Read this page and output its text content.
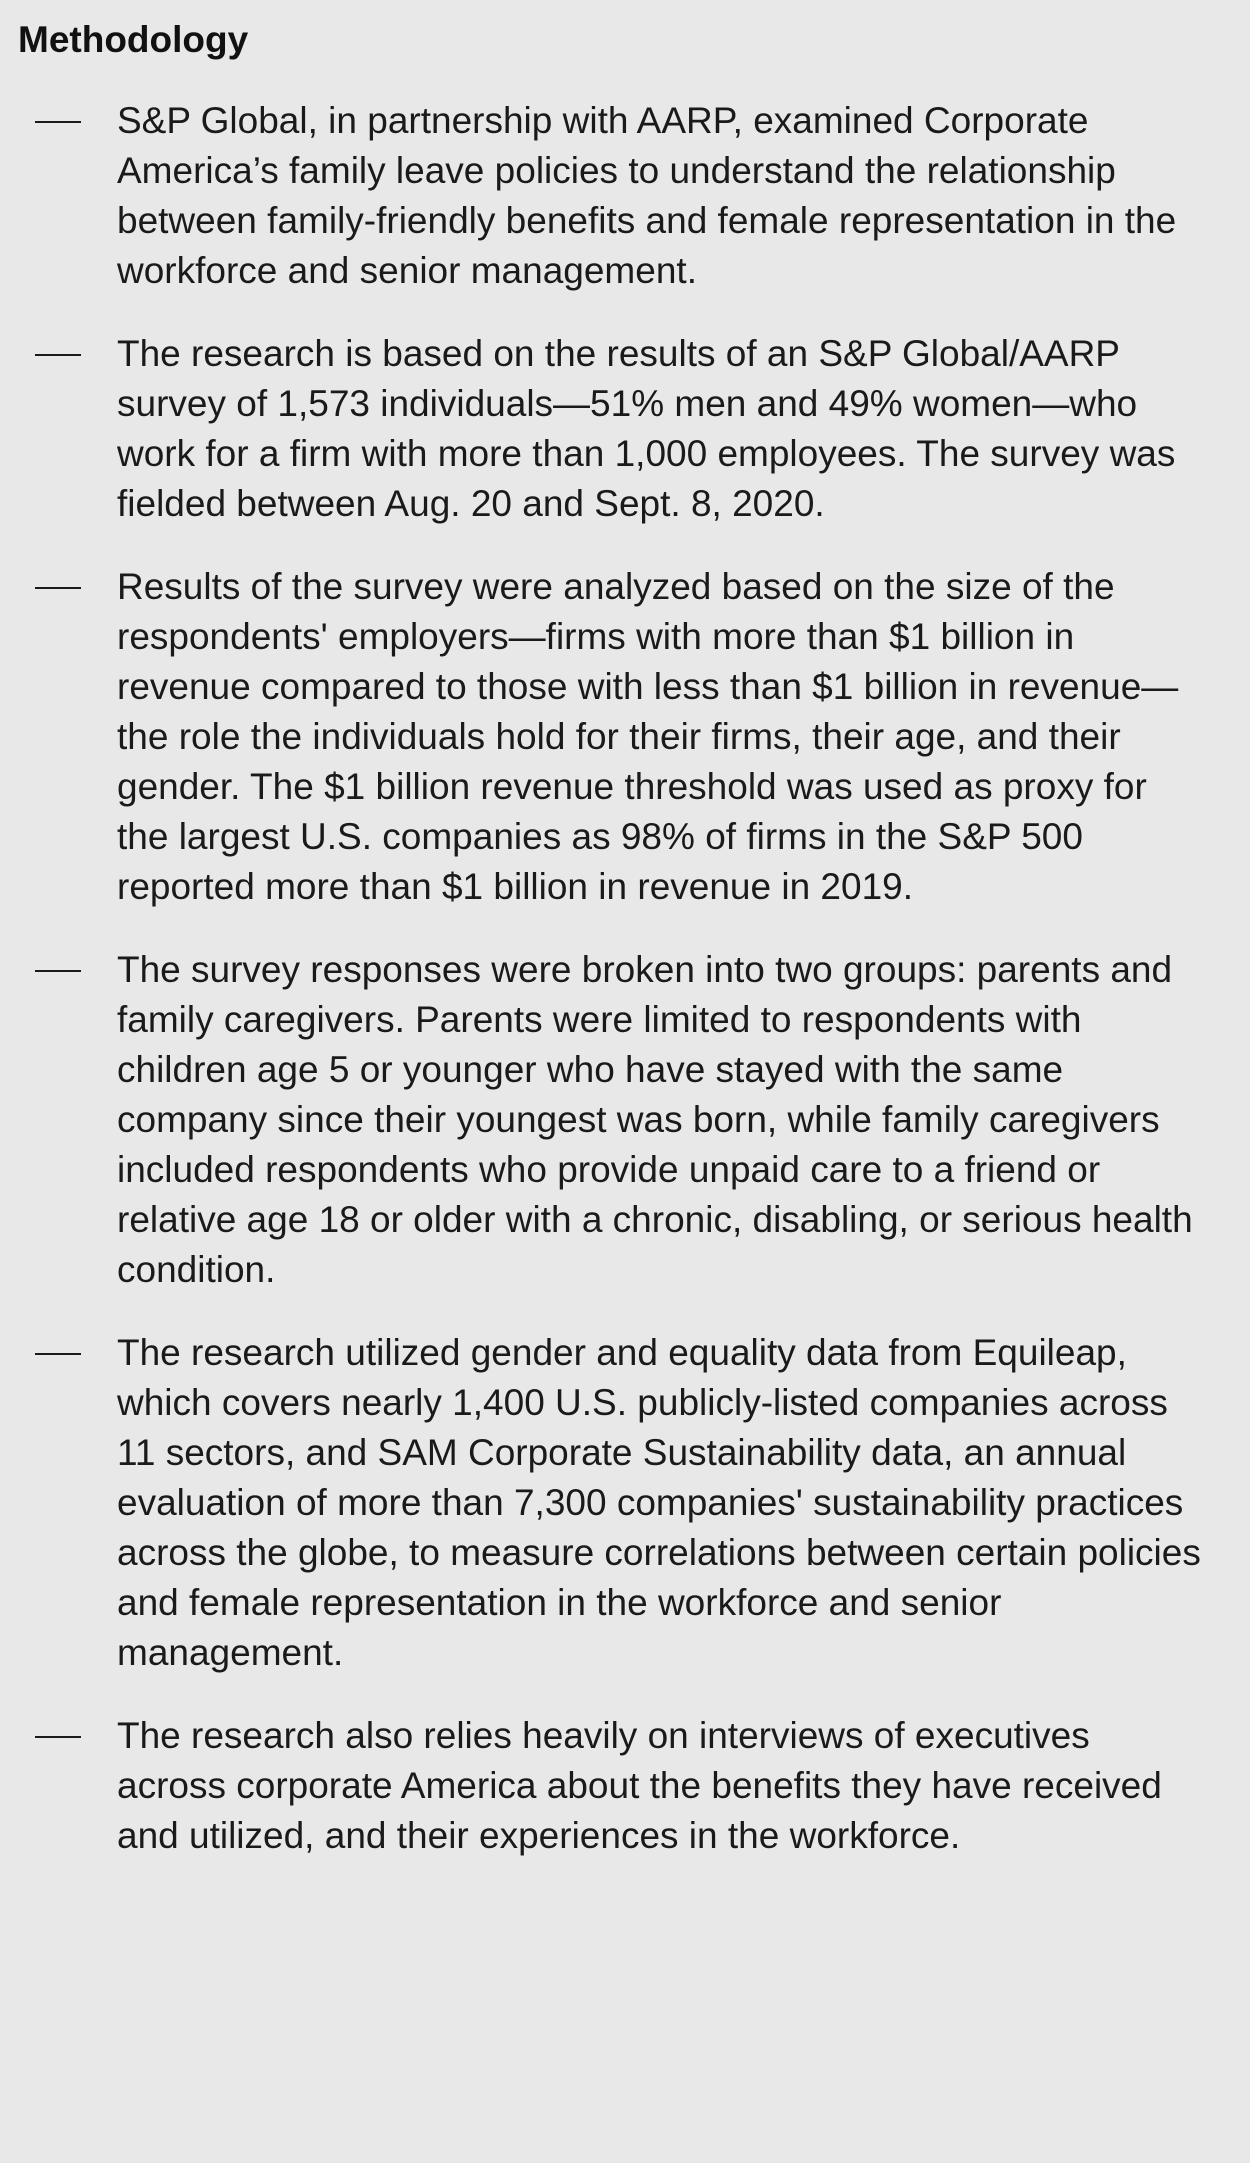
Methodology

S&P Global, in partnership with AARP, examined Corporate America’s family leave policies to understand the relationship between family-friendly benefits and female representation in the workforce and senior management.

The research is based on the results of an S&P Global/AARP survey of 1,573 individuals—51% men and 49% women—who work for a firm with more than 1,000 employees. The survey was fielded between Aug. 20 and Sept. 8, 2020.

Results of the survey were analyzed based on the size of the respondents' employers—firms with more than $1 billion in revenue compared to those with less than $1 billion in revenue—the role the individuals hold for their firms, their age, and their gender. The $1 billion revenue threshold was used as proxy for the largest U.S. companies as 98% of firms in the S&P 500 reported more than $1 billion in revenue in 2019.

The survey responses were broken into two groups: parents and family caregivers. Parents were limited to respondents with children age 5 or younger who have stayed with the same company since their youngest was born, while family caregivers included respondents who provide unpaid care to a friend or relative age 18 or older with a chronic, disabling, or serious health condition.

The research utilized gender and equality data from Equileap, which covers nearly 1,400 U.S. publicly-listed companies across 11 sectors, and SAM Corporate Sustainability data, an annual evaluation of more than 7,300 companies' sustainability practices across the globe, to measure correlations between certain policies and female representation in the workforce and senior management.

The research also relies heavily on interviews of executives across corporate America about the benefits they have received and utilized, and their experiences in the workforce.
